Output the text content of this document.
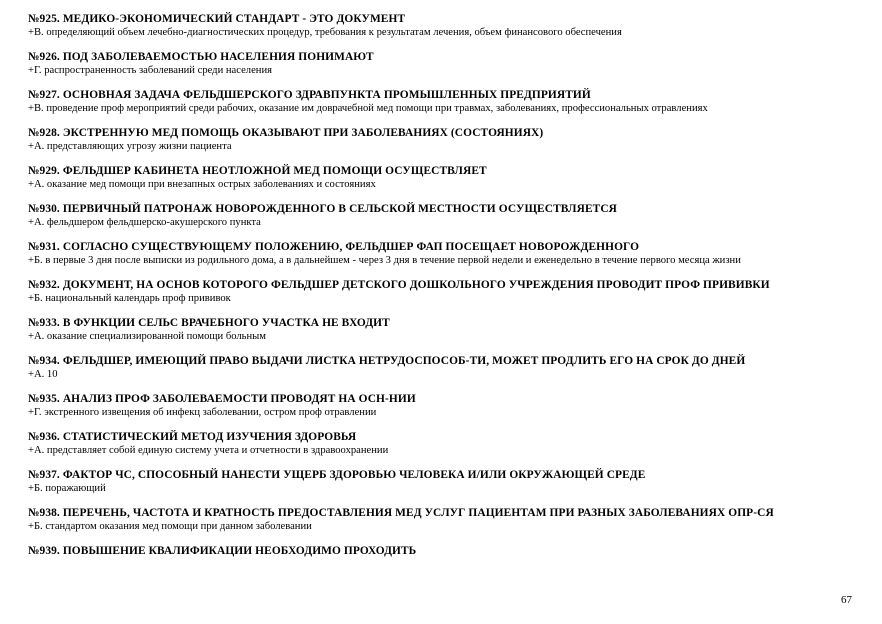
№925. МЕДИКО-ЭКОНОМИЧЕСКИЙ СТАНДАРТ - ЭТО ДОКУМЕНТ
+В. определяющий объем лечебно-диагностических процедур, требования к результатам лечения, объем финансового обеспечения
№926. ПОД ЗАБОЛЕВАЕМОСТЬЮ НАСЕЛЕНИЯ ПОНИМАЮТ
+Г. распространенность заболеваний среди населения
№927. ОСНОВНАЯ ЗАДАЧА ФЕЛЬДШЕРСКОГО ЗДРАВПУНКТА ПРОМЫШЛЕННЫХ ПРЕДПРИЯТИЙ
+В. проведение проф мероприятий среди рабочих, оказание им доврачебной мед помощи при травмах, заболеваниях, профессиональных отравлениях
№928. ЭКСТРЕННУЮ МЕД ПОМОЩЬ ОКАЗЫВАЮТ ПРИ ЗАБОЛЕВАНИЯХ (СОСТОЯНИЯХ)
+А. представляющих угрозу жизни пациента
№929. ФЕЛЬДШЕР КАБИНЕТА НЕОТЛОЖНОЙ МЕД ПОМОЩИ ОСУЩЕСТВЛЯЕТ
+А. оказание мед помощи при внезапных острых заболеваниях и состояниях
№930. ПЕРВИЧНЫЙ ПАТРОНАЖ НОВОРОЖДЕННОГО В СЕЛЬСКОЙ МЕСТНОСТИ ОСУЩЕСТВЛЯЕТСЯ
+А. фельдшером фельдшерско-акушерского пункта
№931. СОГЛАСНО СУЩЕСТВУЮЩЕМУ ПОЛОЖЕНИЮ, ФЕЛЬДШЕР ФАП ПОСЕЩАЕТ НОВОРОЖДЕННОГО
+Б. в первые 3 дня после выписки из родильного дома, а в дальнейшем - через 3 дня в течение первой недели и еженедельно в течение первого месяца жизни
№932. ДОКУМЕНТ, НА ОСНОВ КОТОРОГО ФЕЛЬДШЕР ДЕТСКОГО ДОШКОЛЬНОГО УЧРЕЖДЕНИЯ ПРОВОДИТ ПРОФ ПРИВИВКИ
+Б. национальный календарь проф прививок
№933. В ФУНКЦИИ СЕЛЬС ВРАЧЕБНОГО УЧАСТКА НЕ ВХОДИТ
+А. оказание специализированной помощи больным
№934. ФЕЛЬДШЕР, ИМЕЮЩИЙ ПРАВО ВЫДАЧИ ЛИСТКА НЕТРУДОСПОСОБ-ТИ, МОЖЕТ ПРОДЛИТЬ ЕГО НА СРОК ДО ДНЕЙ
+А. 10
№935. АНАЛИЗ ПРОФ ЗАБОЛЕВАЕМОСТИ ПРОВОДЯТ НА ОСН-НИИ
+Г. экстренного извещения об инфекц заболевании, остром проф отравлении
№936. СТАТИСТИЧЕСКИЙ МЕТОД ИЗУЧЕНИЯ ЗДОРОВЬЯ
+А. представляет собой единую систему учета и отчетности в здравоохранении
№937. ФАКТОР ЧС, СПОСОБНЫЙ НАНЕСТИ УЩЕРБ ЗДОРОВЬЮ ЧЕЛОВЕКА И/ИЛИ ОКРУЖАЮЩЕЙ СРЕДЕ
+Б. поражающий
№938. ПЕРЕЧЕНЬ, ЧАСТОТА И КРАТНОСТЬ ПРЕДОСТАВЛЕНИЯ МЕД УСЛУГ ПАЦИЕНТАМ ПРИ РАЗНЫХ ЗАБОЛЕВАНИЯХ ОПР-СЯ
+Б. стандартом оказания мед помощи при данном заболевании
№939. ПОВЫШЕНИЕ КВАЛИФИКАЦИИ НЕОБХОДИМО ПРОХОДИТЬ
67
